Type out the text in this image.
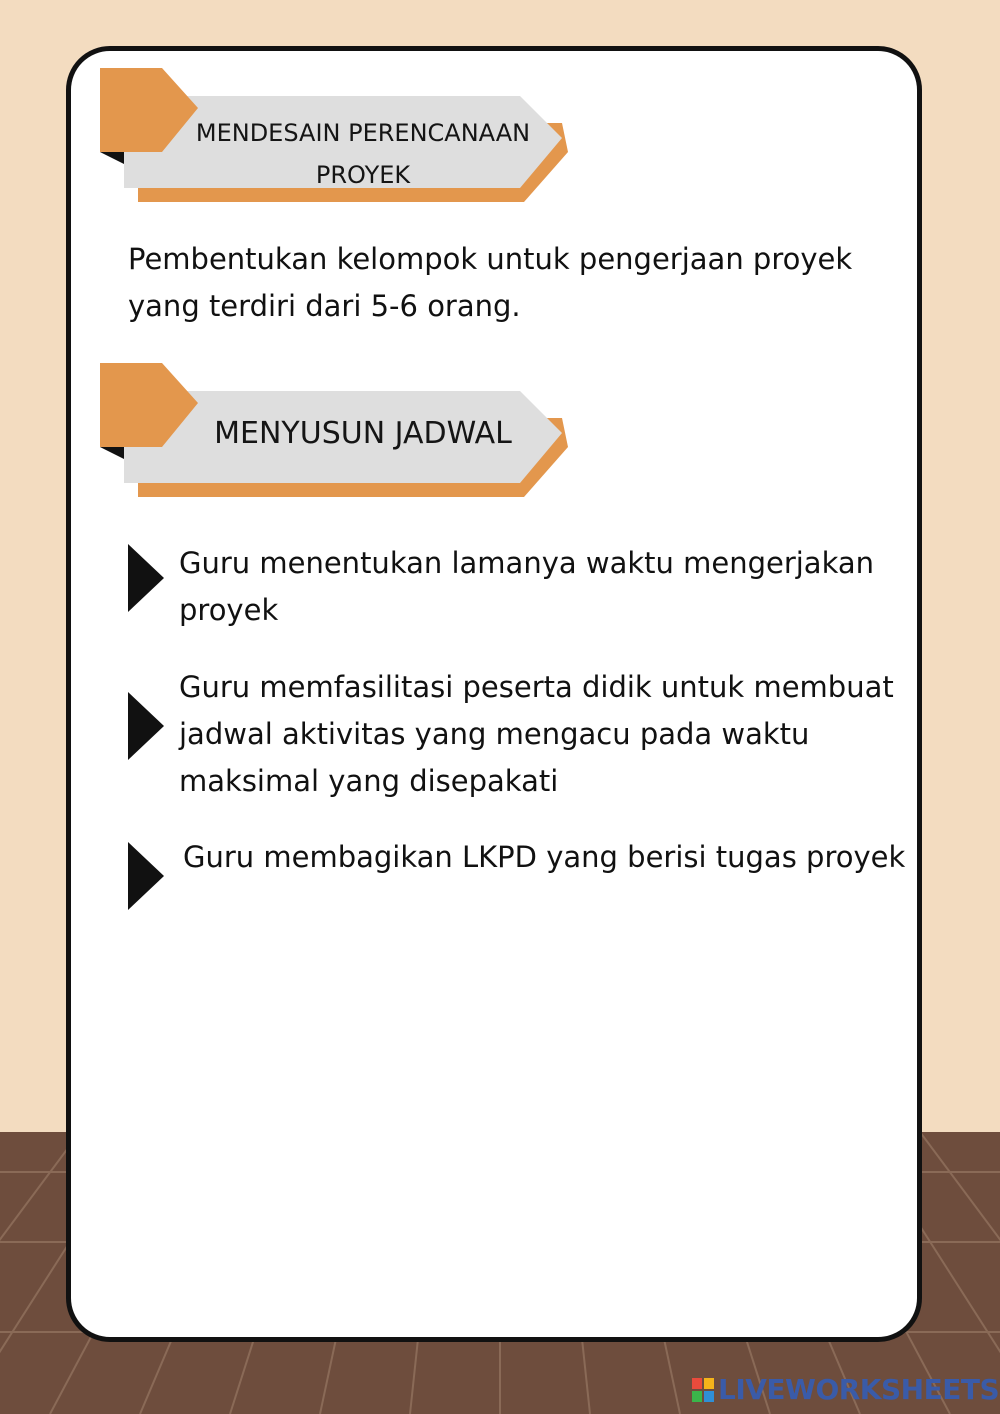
MENDESAIN PERENCANAAN PROYEK
Pembentukan kelompok untuk pengerjaan proyek yang terdiri dari 5-6 orang.
MENYUSUN JADWAL
Guru menentukan lamanya waktu mengerjakan proyek
Guru memfasilitasi peserta didik untuk membuat jadwal aktivitas yang mengacu pada waktu maksimal yang disepakati
Guru membagikan LKPD yang berisi tugas proyek
LIVEWORKSHEETS
